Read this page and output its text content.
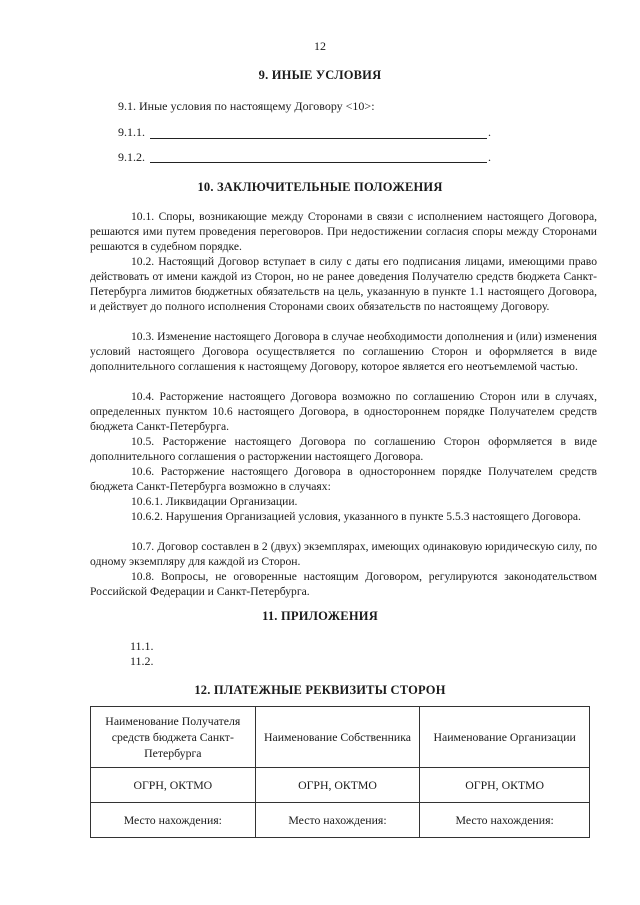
12
9. ИНЫЕ УСЛОВИЯ
9.1. Иные условия по настоящему Договору <10>:
9.1.1.	.
9.1.2.	.
10. ЗАКЛЮЧИТЕЛЬНЫЕ ПОЛОЖЕНИЯ

10.1. Споры, возникающие между Сторонами в связи с исполнением настоящего Договора, решаются ими путем проведения переговоров. При недостижении согласия споры между Сторонами решаются в судебном порядке.

10.2. Настоящий Договор вступает в силу с даты его подписания лицами, имеющими право действовать от имени каждой из Сторон, но не ранее доведения Получателю средств бюджета Санкт-Петербурга лимитов бюджетных обязательств на цель, указанную в пункте 1.1 настоящего Договора, и действует до полного исполнения Сторонами своих обязательств по настоящему Договору.

10.3. Изменение настоящего Договора в случае необходимости дополнения и (или) изменения условий настоящего Договора осуществляется по соглашению Сторон и оформляется в виде дополнительного соглашения к настоящему Договору, которое является его неотъемлемой частью.

10.4. Расторжение настоящего Договора возможно по соглашению Сторон или в случаях, определенных пунктом 10.6 настоящего Договора, в одностороннем порядке Получателем средств бюджета Санкт-Петербурга.

10.5. Расторжение настоящего Договора по соглашению Сторон оформляется в виде дополнительного соглашения о расторжении настоящего Договора.

10.6. Расторжение настоящего Договора в одностороннем порядке Получателем средств бюджета Санкт-Петербурга возможно в случаях:

10.6.1. Ликвидации Организации.

10.6.2. Нарушения Организацией условия, указанного в пункте 5.5.3 настоящего Договора.

10.7. Договор составлен в 2 (двух) экземплярах, имеющих одинаковую юридическую силу, по одному экземпляру для каждой из Сторон.

10.8. Вопросы, не оговоренные настоящим Договором, регулируются законодательством Российской Федерации и Санкт-Петербурга.

11. ПРИЛОЖЕНИЯ
11.1.
11.2.
12. ПЛАТЕЖНЫЕ РЕКВИЗИТЫ СТОРОН
Наименование Получателя средств бюджета Санкт-Петербурга	Наименование Собственника	Наименование Организации
ОГРН, ОКТМО	ОГРН, ОКТМО	ОГРН, ОКТМО
Место нахождения:	Место нахождения:	Место нахождения:
